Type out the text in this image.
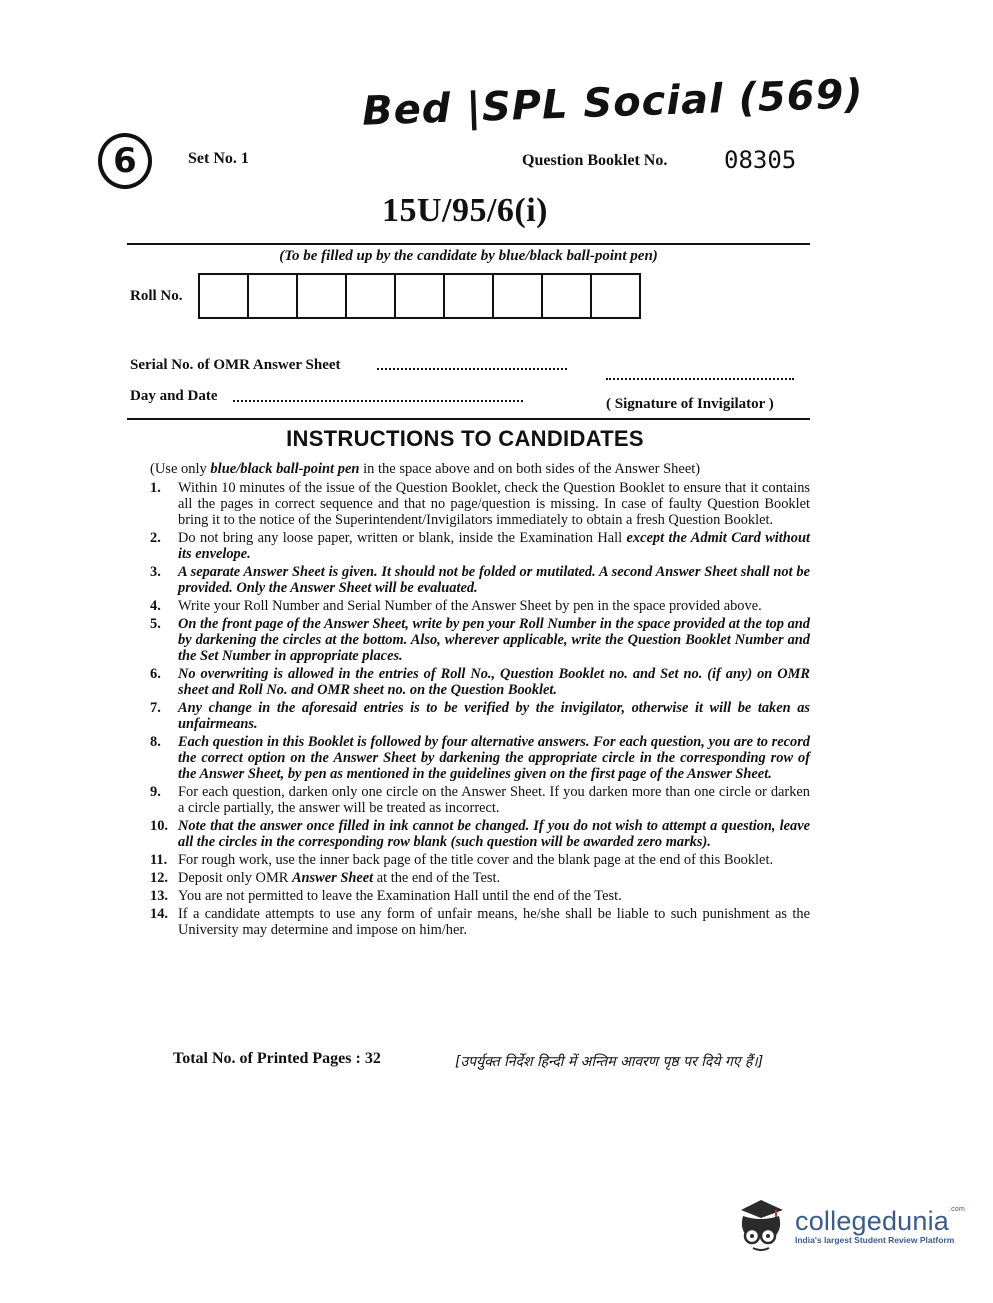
Bed |SPL Social (569)
6	Set No. 1	Question Booklet No. 08305
15U/95/6(i)
(To be filled up by the candidate by blue/black ball-point pen)
Roll No.
Serial No. of OMR Answer Sheet
Day and Date	( Signature of Invigilator )
INSTRUCTIONS TO CANDIDATES
(Use only blue/black ball-point pen in the space above and on both sides of the Answer Sheet)
1.	Within 10 minutes of the issue of the Question Booklet, check the Question Booklet to ensure that it contains all the pages in correct sequence and that no page/question is missing. In case of faulty Question Booklet bring it to the notice of the Superintendent/Invigilators immediately to obtain a fresh Question Booklet.
2.	Do not bring any loose paper, written or blank, inside the Examination Hall except the Admit Card without its envelope.
3.	A separate Answer Sheet is given. It should not be folded or mutilated. A second Answer Sheet shall not be provided. Only the Answer Sheet will be evaluated.
4.	Write your Roll Number and Serial Number of the Answer Sheet by pen in the space provided above.
5.	On the front page of the Answer Sheet, write by pen your Roll Number in the space provided at the top and by darkening the circles at the bottom. Also, wherever applicable, write the Question Booklet Number and the Set Number in appropriate places.
6.	No overwriting is allowed in the entries of Roll No., Question Booklet no. and Set no. (if any) on OMR sheet and Roll No. and OMR sheet no. on the Question Booklet.
7.	Any change in the aforesaid entries is to be verified by the invigilator, otherwise it will be taken as unfairmeans.
8.	Each question in this Booklet is followed by four alternative answers. For each question, you are to record the correct option on the Answer Sheet by darkening the appropriate circle in the corresponding row of the Answer Sheet, by pen as mentioned in the guidelines given on the first page of the Answer Sheet.
9.	For each question, darken only one circle on the Answer Sheet. If you darken more than one circle or darken a circle partially, the answer will be treated as incorrect.
10. Note that the answer once filled in ink cannot be changed. If you do not wish to attempt a question, leave all the circles in the corresponding row blank (such question will be awarded zero marks).
11. For rough work, use the inner back page of the title cover and the blank page at the end of this Booklet.
12. Deposit only OMR Answer Sheet at the end of the Test.
13. You are not permitted to leave the Examination Hall until the end of the Test.
14. If a candidate attempts to use any form of unfair means, he/she shall be liable to such punishment as the University may determine and impose on him/her.
Total No. of Printed Pages : 32	[उपर्युक्त निर्देश हिन्दी में अन्तिम आवरण पृष्ठ पर दिये गए हैं।]
collegedunia$^{.com}$
India's largest Student Review Platform
